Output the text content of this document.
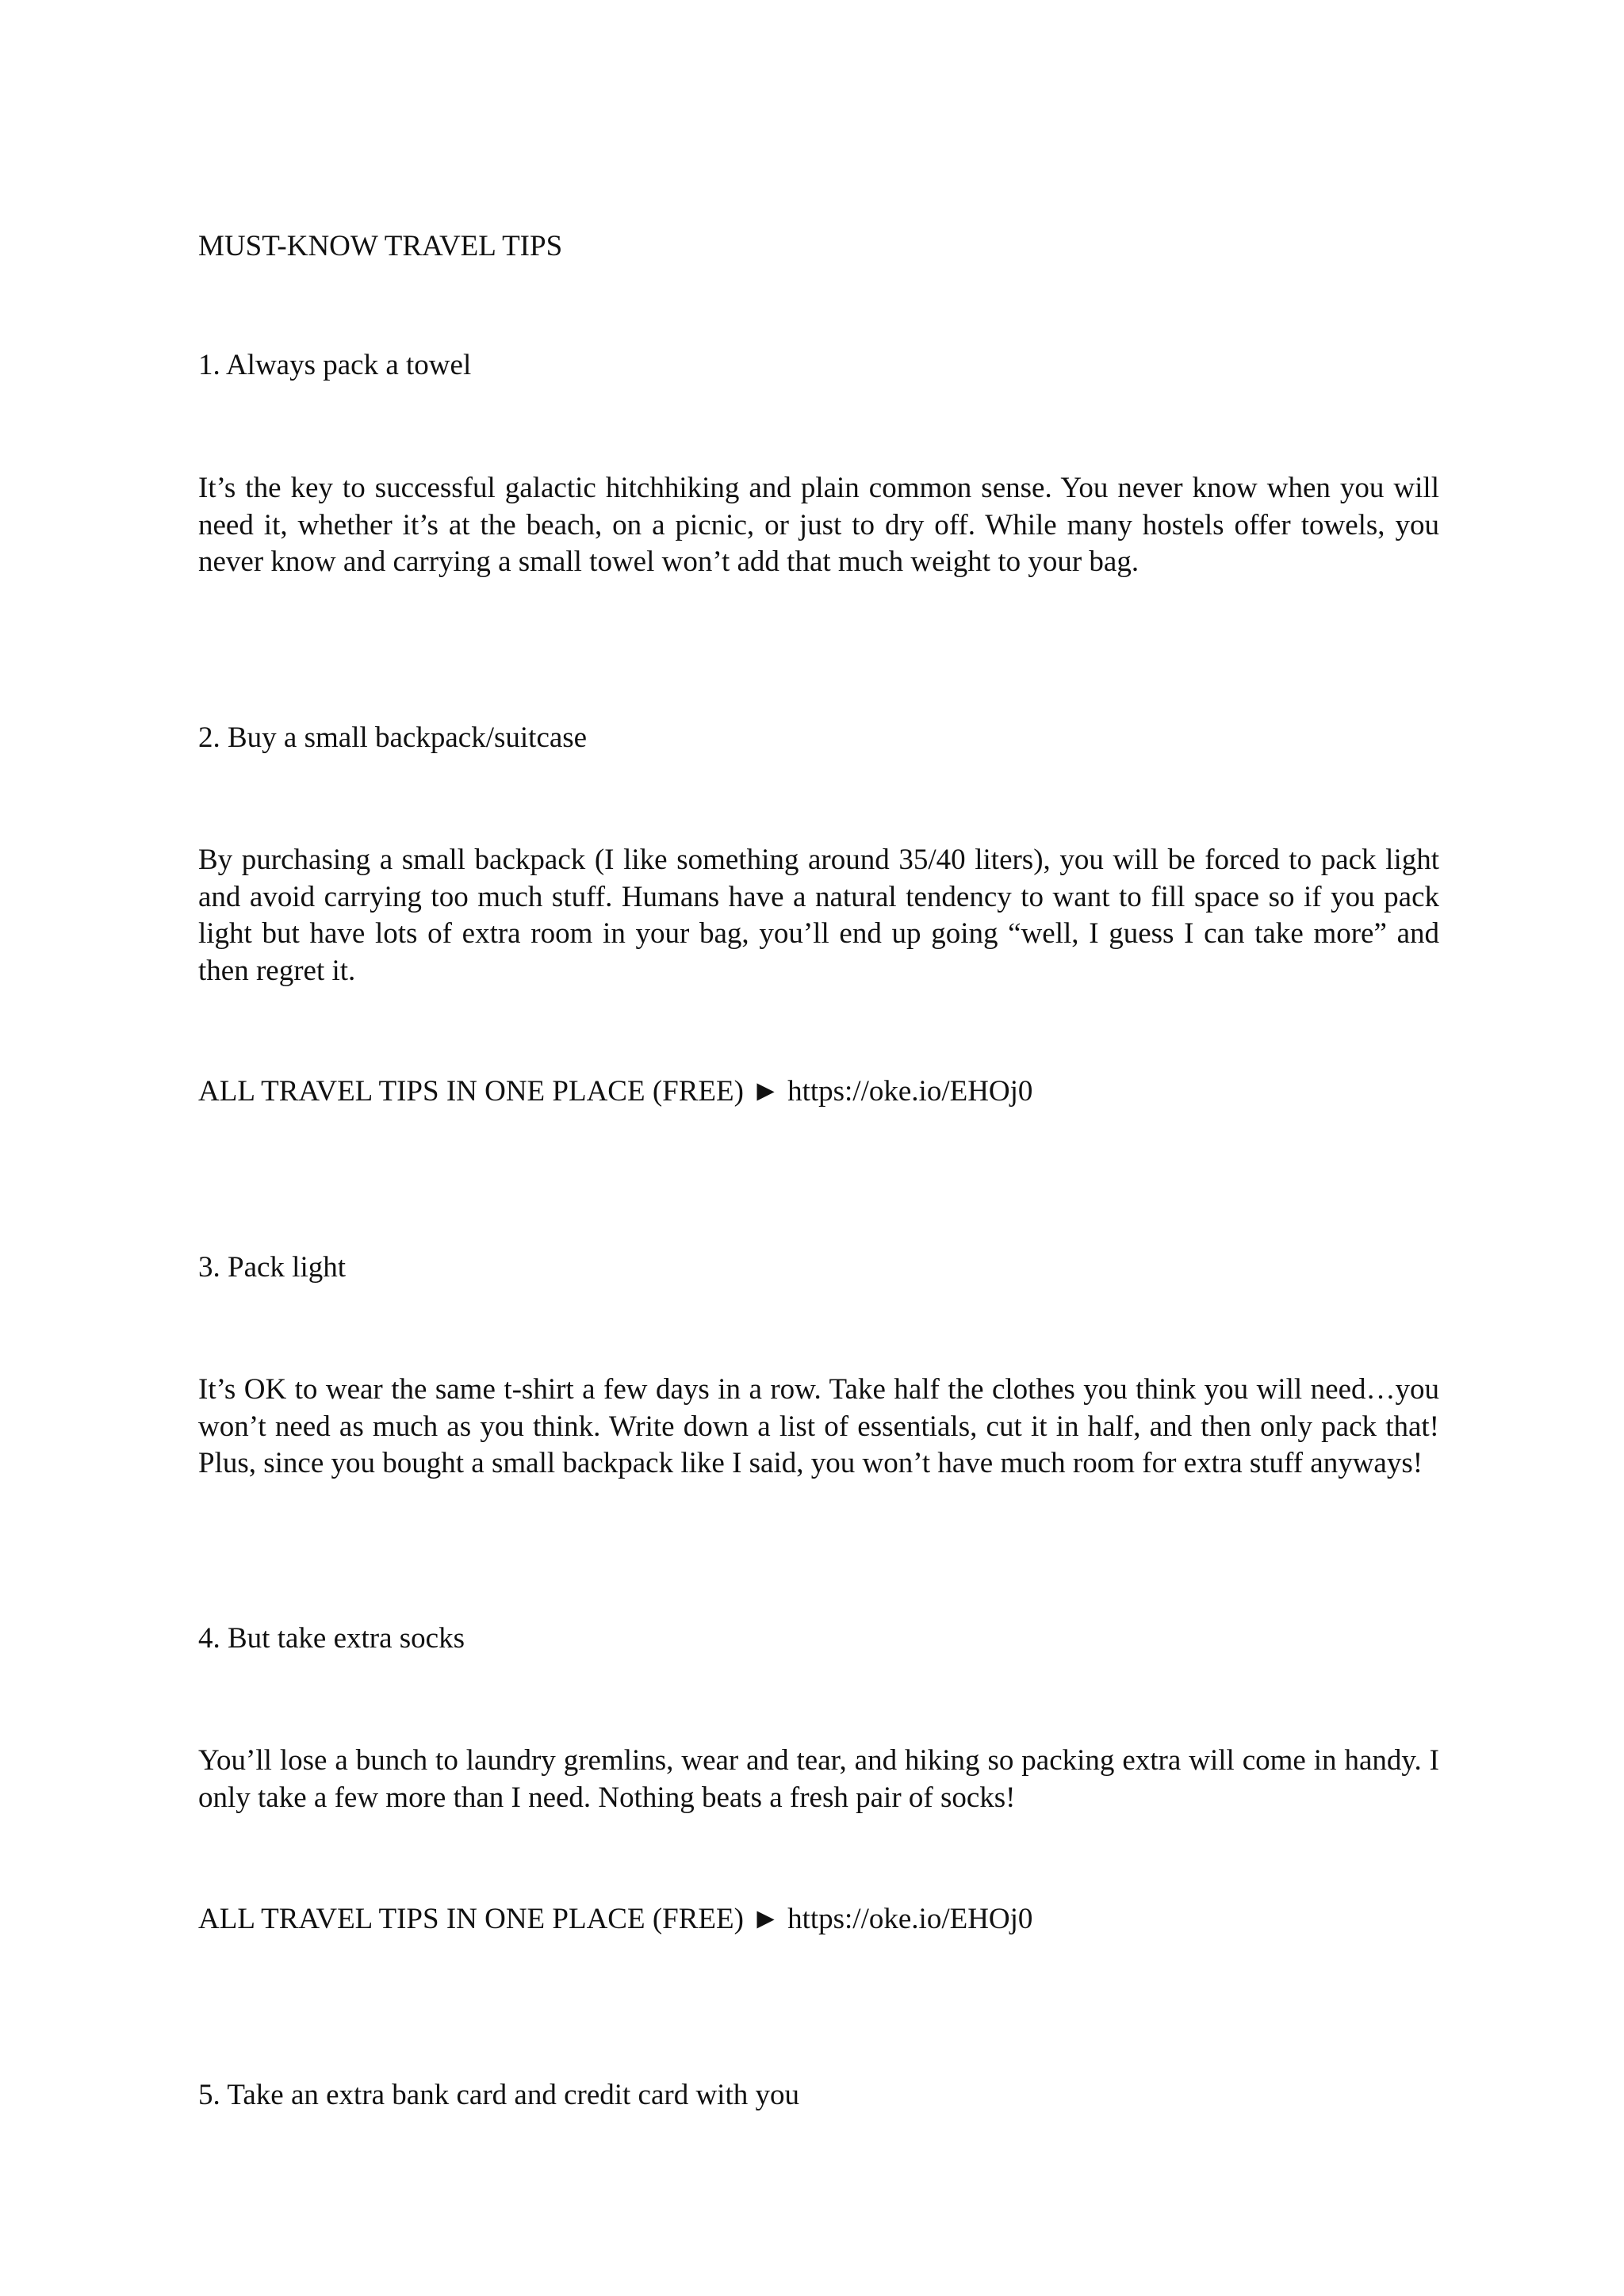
MUST-KNOW TRAVEL TIPS

1. Always pack a towel

It’s the key to successful galactic hitchhiking and plain common sense. You never know when you will need it, whether it’s at the beach, on a picnic, or just to dry off. While many hostels offer towels, you never know and carrying a small towel won’t add that much weight to your bag.

2. Buy a small backpack/suitcase

By purchasing a small backpack (I like something around 35/40 liters), you will be forced to pack light and avoid carrying too much stuff. Humans have a natural tendency to want to fill space so if you pack light but have lots of extra room in your bag, you’ll end up going “well, I guess I can take more” and then regret it.

ALL TRAVEL TIPS IN ONE PLACE (FREE) ► https://oke.io/EHOj0

3. Pack light

It’s OK to wear the same t-shirt a few days in a row. Take half the clothes you think you will need…you won’t need as much as you think. Write down a list of essentials, cut it in half, and then only pack that! Plus, since you bought a small backpack like I said, you won’t have much room for extra stuff anyways!

4. But take extra socks

You’ll lose a bunch to laundry gremlins, wear and tear, and hiking so packing extra will come in handy. I only take a few more than I need. Nothing beats a fresh pair of socks!

ALL TRAVEL TIPS IN ONE PLACE (FREE) ► https://oke.io/EHOj0

5. Take an extra bank card and credit card with you
